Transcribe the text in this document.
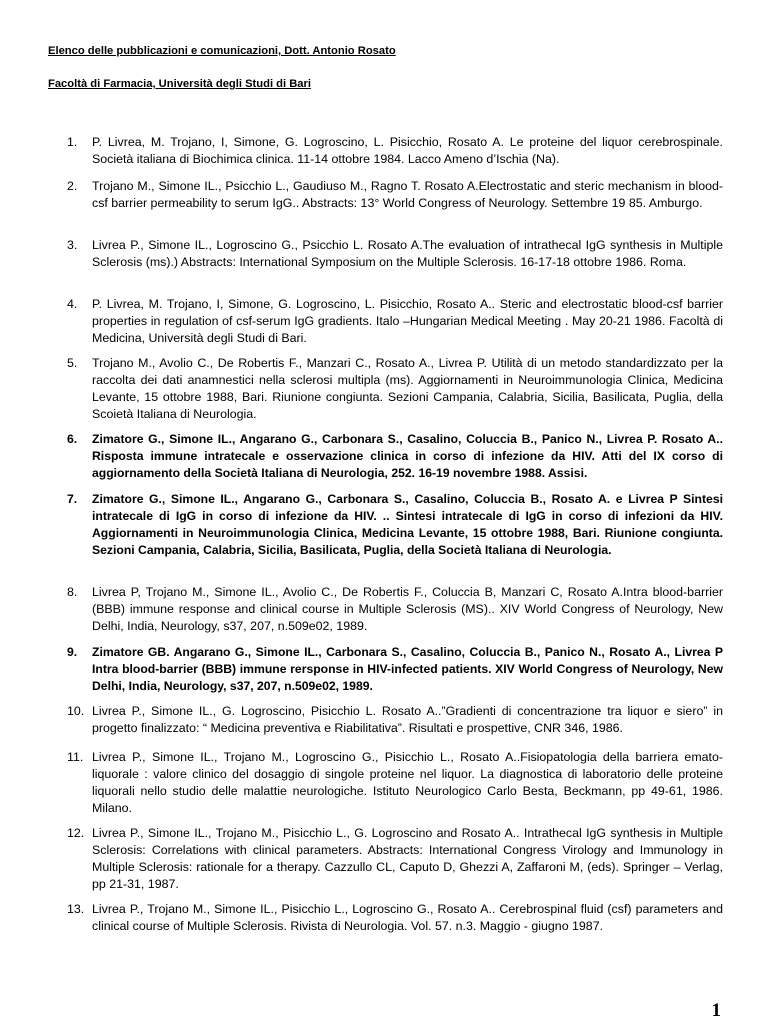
Elenco delle pubblicazioni e comunicazioni, Dott. Antonio Rosato
Facoltà di Farmacia, Università degli Studi di Bari
1.	P. Livrea, M. Trojano, I, Simone, G. Logroscino, L. Pisicchio, Rosato A. Le proteine del liquor cerebrospinale. Società italiana di Biochimica clinica. 11-14 ottobre 1984. Lacco Ameno d’Ischia (Na).
2.	Trojano M., Simone IL., Psicchio L., Gaudiuso M., Ragno T. Rosato A.Electrostatic and steric mechanism in blood-csf barrier permeability to serum IgG.. Abstracts: 13° World Congress of Neurology. Settembre 19 85. Amburgo.
3.	Livrea P., Simone IL., Logroscino G., Psicchio L. Rosato A.The evaluation of intrathecal IgG synthesis in Multiple Sclerosis (ms).) Abstracts: International Symposium on the Multiple Sclerosis. 16-17-18 ottobre 1986. Roma.
4.	P. Livrea, M. Trojano, I, Simone, G. Logroscino, L. Pisicchio, Rosato A.. Steric and electrostatic blood-csf barrier properties in regulation of csf-serum IgG gradients. Italo –Hungarian Medical Meeting . May 20-21 1986. Facoltà di Medicina, Università degli Studi di Bari.
5.	Trojano M., Avolio C., De Robertis F., Manzari C., Rosato A., Livrea P. Utilità di un metodo standardizzato per la raccolta dei dati anamnestici nella sclerosi multipla (ms). Aggiornamenti in Neuroimmunologia Clinica, Medicina Levante, 15 ottobre 1988, Bari. Riunione congiunta. Sezioni Campania, Calabria, Sicilia, Basilicata, Puglia, della Scoietà Italiana di Neurologia.
6.	Zimatore G., Simone IL., Angarano G., Carbonara S., Casalino, Coluccia B., Panico N., Livrea P. Rosato A.. Risposta immune intratecale e osservazione clinica in corso di infezione da HIV. Atti del IX corso di aggiornamento della Società Italiana di Neurologia, 252. 16-19 novembre 1988. Assisi.
7.	Zimatore G., Simone IL., Angarano G., Carbonara S., Casalino, Coluccia B., Rosato A. e Livrea P Sintesi intratecale di IgG in corso di infezione da HIV. .. Sintesi intratecale di IgG in corso di infezioni da HIV. Aggiornamenti in Neuroimmunologia Clinica, Medicina Levante, 15 ottobre 1988, Bari. Riunione congiunta. Sezioni Campania, Calabria, Sicilia, Basilicata, Puglia, della Società Italiana di Neurologia.
8.	Livrea P, Trojano M., Simone IL., Avolio C., De Robertis F., Coluccia B, Manzari C, Rosato A.Intra blood-barrier (BBB) immune response and clinical course in Multiple Sclerosis (MS).. XIV World Congress of Neurology, New Delhi, India, Neurology, s37, 207, n.509e02, 1989.
9.	Zimatore GB. Angarano G., Simone IL., Carbonara S., Casalino, Coluccia B., Panico N., Rosato A., Livrea P Intra blood-barrier (BBB) immune rersponse in HIV-infected patients. XIV World Congress of Neurology, New Delhi, India, Neurology, s37, 207, n.509e02, 1989.
10. Livrea P., Simone IL., G. Logroscino, Pisicchio L. Rosato A..”Gradienti di concentrazione tra liquor e siero” in progetto finalizzato: “ Medicina preventiva e Riabilitativa”. Risultati e prospettive, CNR 346, 1986.
11. Livrea P., Simone IL., Trojano M., Logroscino G., Pisicchio L., Rosato A..Fisiopatologia della barriera emato-liquorale : valore clinico del dosaggio di singole proteine nel liquor. La diagnostica di laboratorio delle proteine liquorali nello studio delle malattie neurologiche. Istituto Neurologico Carlo Besta, Beckmann, pp 49-61, 1986. Milano.
12. Livrea P., Simone IL., Trojano M., Pisicchio L., G. Logroscino and Rosato A.. Intrathecal IgG synthesis in Multiple Sclerosis: Correlations with clinical parameters. Abstracts: International Congress Virology and Immunology in Multiple Sclerosis: rationale for a therapy. Cazzullo CL, Caputo D, Ghezzi A, Zaffaroni M, (eds). Springer – Verlag, pp 21-31, 1987.
13. Livrea P., Trojano M., Simone IL., Pisicchio L., Logroscino G., Rosato A.. Cerebrospinal fluid (csf) parameters and clinical course of Multiple Sclerosis. Rivista di Neurologia. Vol. 57. n.3. Maggio - giugno 1987.
1
